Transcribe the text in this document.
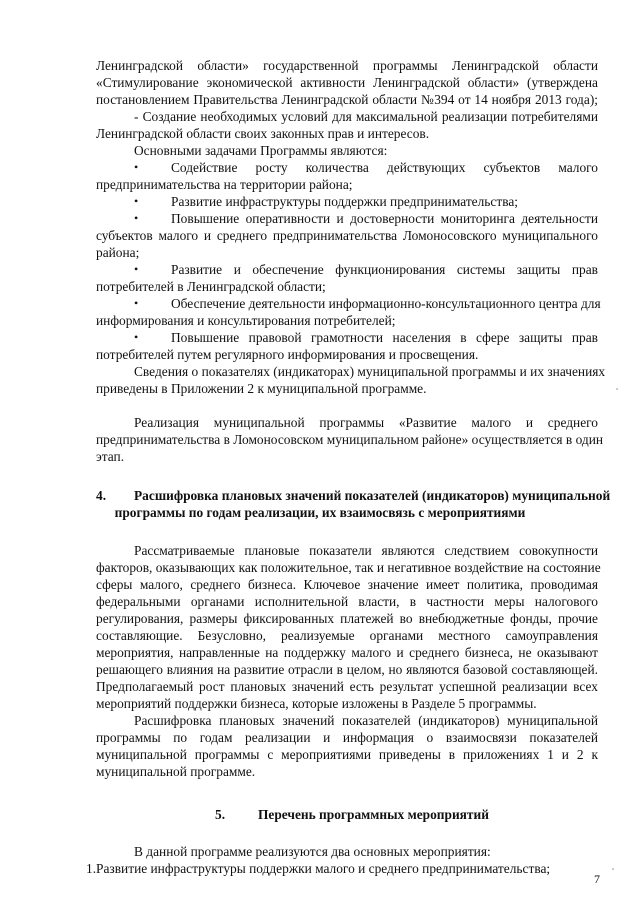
Ленинградской области» государственной программы Ленинградской области
«Стимулирование экономической активности Ленинградской области» (утверждена
постановлением Правительства Ленинградской области №394 от 14 ноября 2013 года);
- Создание необходимых условий для максимальной реализации потребителями
Ленинградской области своих законных прав и интересов.
Основными задачами Программы являются:
• Содействие росту количества действующих субъектов малого
предпринимательства на территории района;
• Развитие инфраструктуры поддержки предпринимательства;
• Повышение оперативности и достоверности мониторинга деятельности
субъектов малого и среднего предпринимательства Ломоносовского муниципального
района;
• Развитие и обеспечение функционирования системы защиты прав
потребителей в Ленинградской области;
• Обеспечение деятельности информационно-консультационного центра для
информирования и консультирования потребителей;
• Повышение правовой грамотности населения в сфере защиты прав
потребителей путем регулярного информирования и просвещения.
Сведения о показателях (индикаторах) муниципальной программы и их значениях
приведены в Приложении 2 к муниципальной программе.
Реализация муниципальной программы «Развитие малого и среднего
предпринимательства в Ломоносовском муниципальном районе» осуществляется в один
этап.
4. Расшифровка плановых значений показателей (индикаторов) муниципальной
программы по годам реализации, их взаимосвязь с мероприятиями
Рассматриваемые плановые показатели являются следствием совокупности
факторов, оказывающих как положительное, так и негативное воздействие на состояние
сферы малого, среднего бизнеса. Ключевое значение имеет политика, проводимая
федеральными органами исполнительной власти, в частности меры налогового
регулирования, размеры фиксированных платежей во внебюджетные фонды, прочие
составляющие. Безусловно, реализуемые органами местного самоуправления
мероприятия, направленные на поддержку малого и среднего бизнеса, не оказывают
решающего влияния на развитие отрасли в целом, но являются базовой составляющей.
Предполагаемый рост плановых значений есть результат успешной реализации всех
мероприятий поддержки бизнеса, которые изложены в Разделе 5 программы.
Расшифровка плановых значений показателей (индикаторов) муниципальной
программы по годам реализации и информация о взаимосвязи показателей
муниципальной программы с мероприятиями приведены в приложениях 1 и 2 к
муниципальной программе.
5. Перечень программных мероприятий
В данной программе реализуются два основных мероприятия:
1.Развитие инфраструктуры поддержки малого и среднего предпринимательства;
7
